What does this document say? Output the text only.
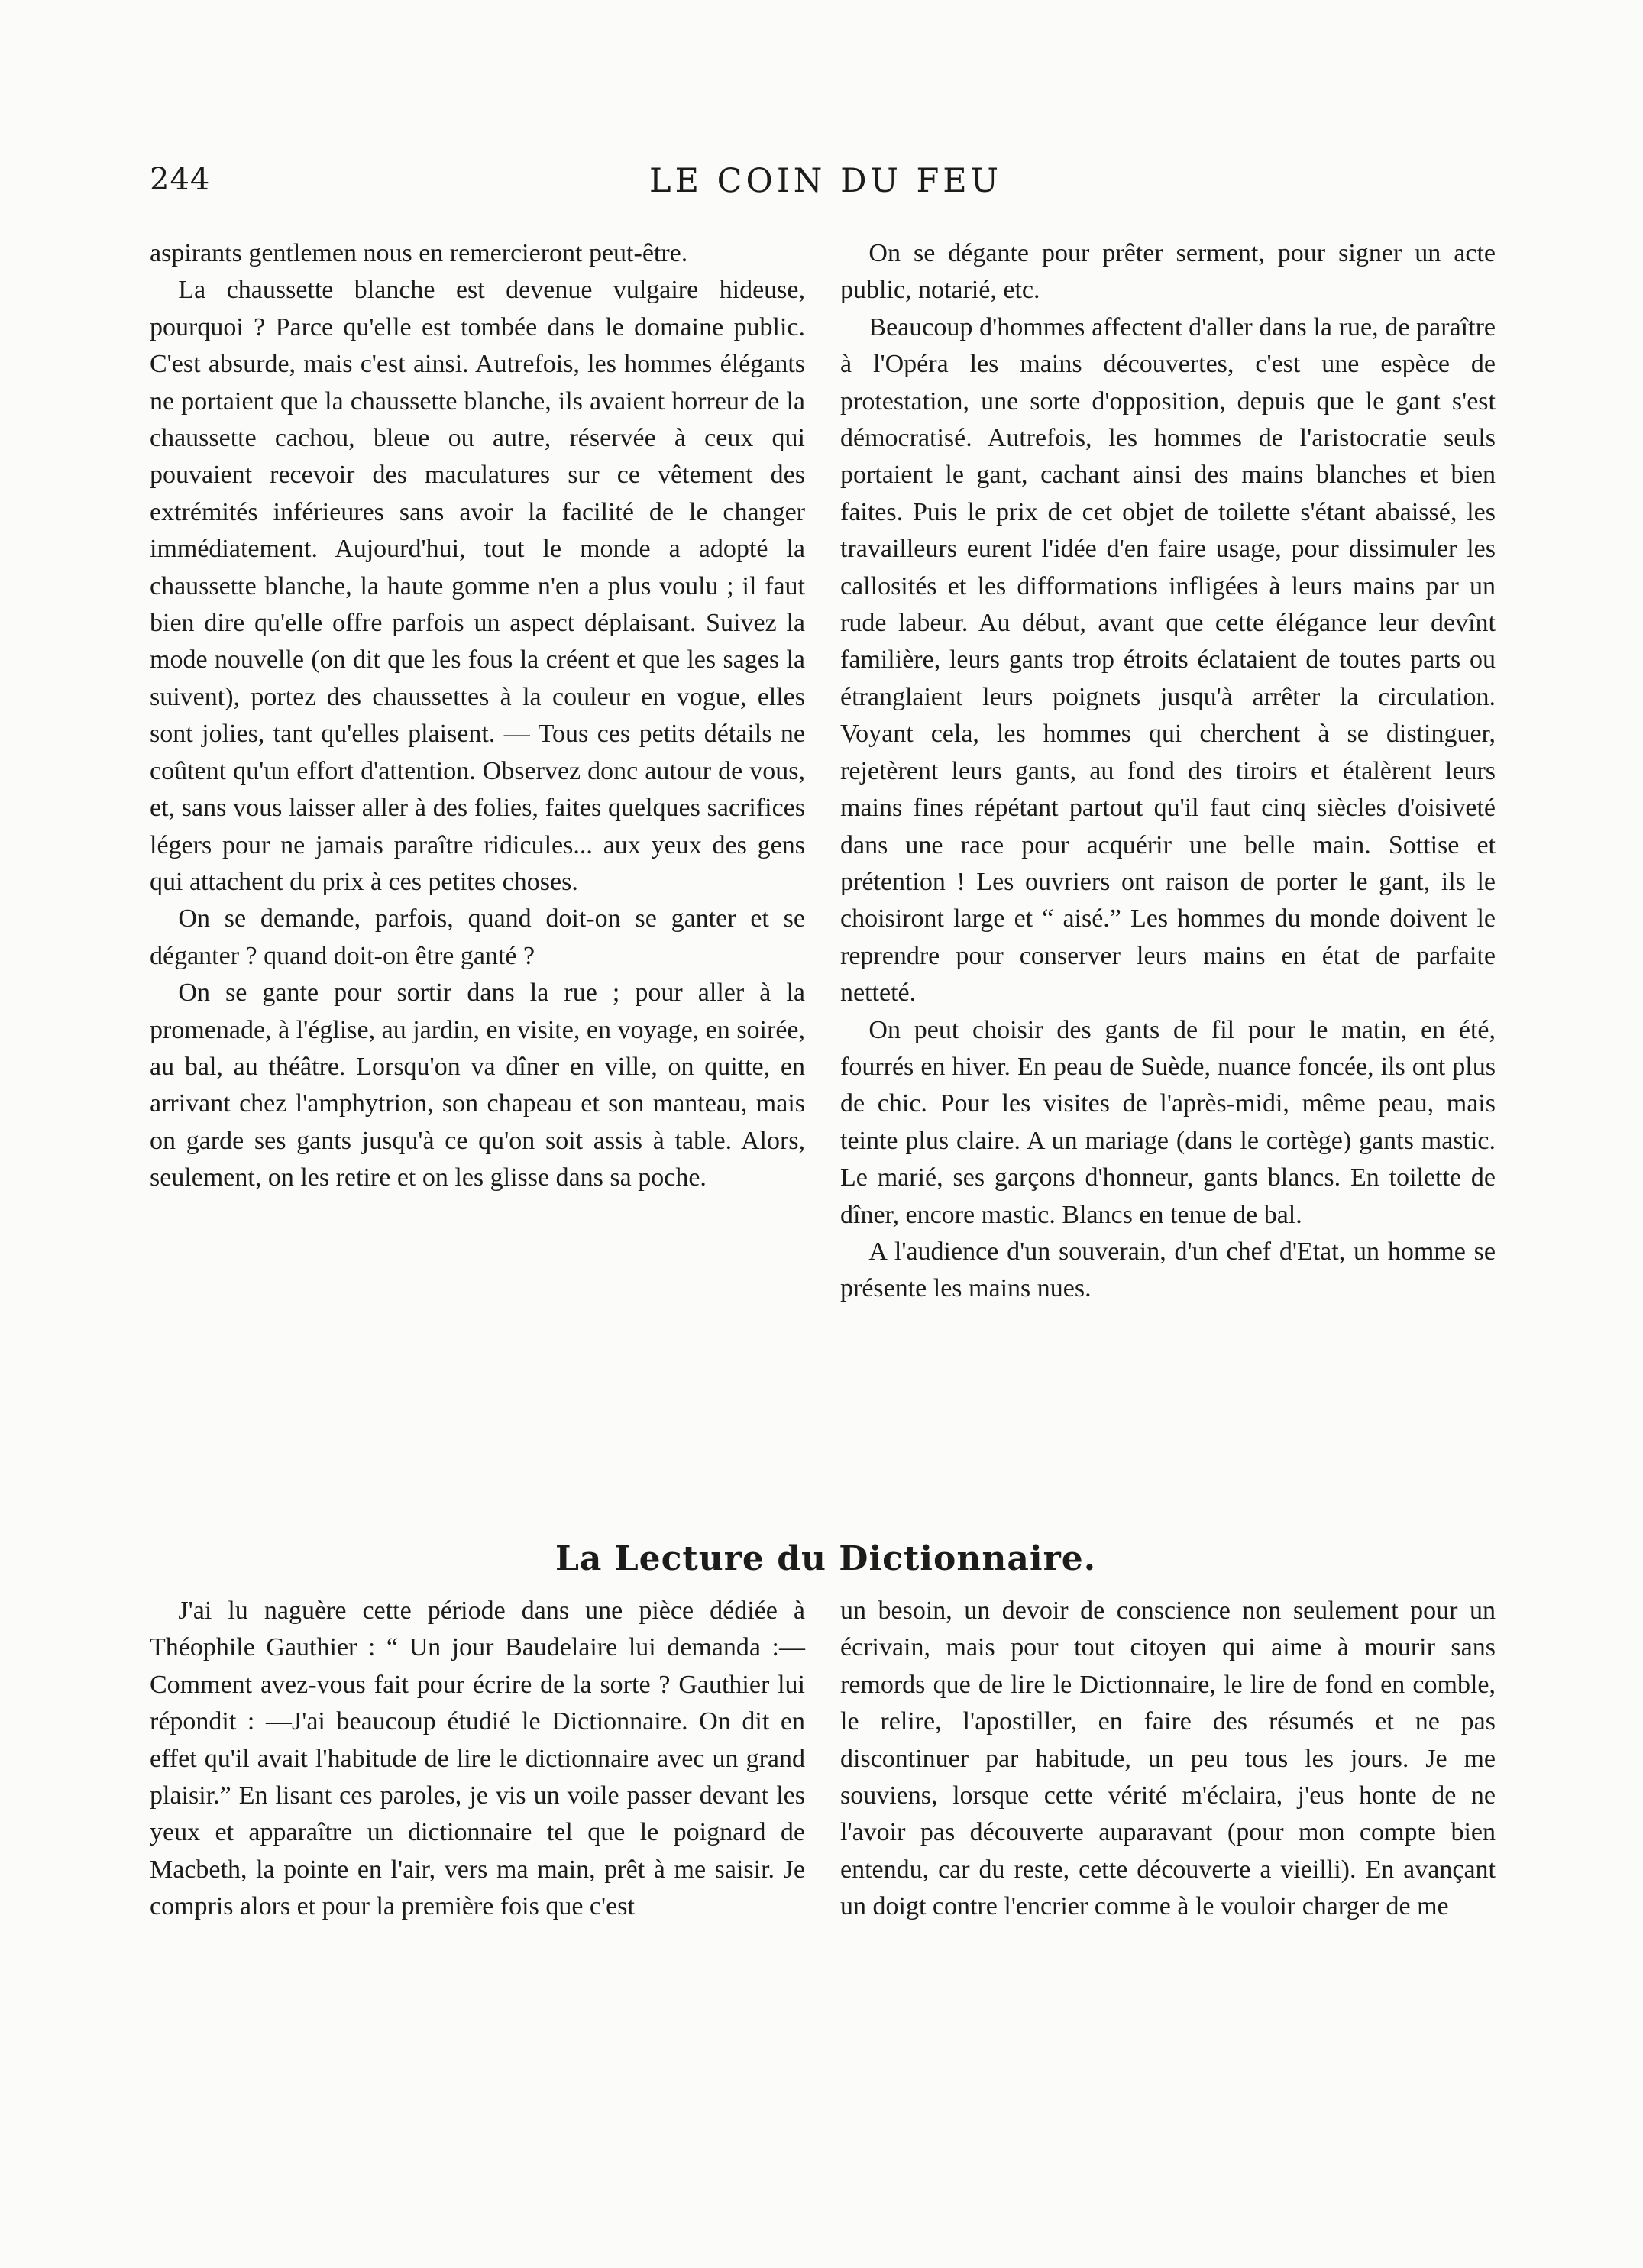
244	LE COIN DU FEU

aspirants gentlemen nous en remercieront peut-être.

La chaussette blanche est devenue vulgaire hideuse, pourquoi ? Parce qu'elle est tombée dans le domaine public. C'est absurde, mais c'est ainsi. Autrefois, les hommes élégants ne portaient que la chaussette blanche, ils avaient horreur de la chaussette cachou, bleue ou autre, réservée à ceux qui pouvaient recevoir des maculatures sur ce vêtement des extrémités inférieures sans avoir la facilité de le changer immédiatement. Aujourd'hui, tout le monde a adopté la chaussette blanche, la haute gomme n'en a plus voulu ; il faut bien dire qu'elle offre parfois un aspect déplaisant. Suivez la mode nouvelle (on dit que les fous la créent et que les sages la suivent), portez des chaussettes à la couleur en vogue, elles sont jolies, tant qu'elles plaisent. — Tous ces petits détails ne coûtent qu'un effort d'attention. Observez donc autour de vous, et, sans vous laisser aller à des folies, faites quelques sacrifices légers pour ne jamais paraître ridicules... aux yeux des gens qui attachent du prix à ces petites choses.

On se demande, parfois, quand doit-on se ganter et se déganter ? quand doit-on être ganté ?

On se gante pour sortir dans la rue ; pour aller à la promenade, à l'église, au jardin, en visite, en voyage, en soirée, au bal, au théâtre. Lorsqu'on va dîner en ville, on quitte, en arrivant chez l'amphytrion, son chapeau et son manteau, mais on garde ses gants jusqu'à ce qu'on soit assis à table. Alors, seulement, on les retire et on les glisse dans sa poche.

On se dégante pour prêter serment, pour signer un acte public, notarié, etc.

Beaucoup d'hommes affectent d'aller dans la rue, de paraître à l'Opéra les mains découvertes, c'est une espèce de protestation, une sorte d'opposition, depuis que le gant s'est démocratisé. Autrefois, les hommes de l'aristocratie seuls portaient le gant, cachant ainsi des mains blanches et bien faites. Puis le prix de cet objet de toilette s'étant abaissé, les travailleurs eurent l'idée d'en faire usage, pour dissimuler les callosités et les difformations infligées à leurs mains par un rude labeur. Au début, avant que cette élégance leur devînt familière, leurs gants trop étroits éclataient de toutes parts ou étranglaient leurs poignets jusqu'à arrêter la circulation. Voyant cela, les hommes qui cherchent à se distinguer, rejetèrent leurs gants, au fond des tiroirs et étalèrent leurs mains fines répétant partout qu'il faut cinq siècles d'oisiveté dans une race pour acquérir une belle main. Sottise et prétention ! Les ouvriers ont raison de porter le gant, ils le choisiront large et “ aisé.” Les hommes du monde doivent le reprendre pour conserver leurs mains en état de parfaite netteté.

On peut choisir des gants de fil pour le matin, en été, fourrés en hiver. En peau de Suède, nuance foncée, ils ont plus de chic. Pour les visites de l'après-midi, même peau, mais teinte plus claire. A un mariage (dans le cortège) gants mastic. Le marié, ses garçons d'honneur, gants blancs. En toilette de dîner, encore mastic. Blancs en tenue de bal.

A l'audience d'un souverain, d'un chef d'Etat, un homme se présente les mains nues.

La Lecture du Dictionnaire.

J'ai lu naguère cette période dans une pièce dédiée à Théophile Gauthier : “ Un jour Baudelaire lui demanda :—Comment avez-vous fait pour écrire de la sorte ? Gauthier lui répondit : —J'ai beaucoup étudié le Dictionnaire. On dit en effet qu'il avait l'habitude de lire le dictionnaire avec un grand plaisir.” En lisant ces paroles, je vis un voile passer devant les yeux et apparaître un dictionnaire tel que le poignard de Macbeth, la pointe en l'air, vers ma main, prêt à me saisir. Je compris alors et pour la première fois que c'est

un besoin, un devoir de conscience non seulement pour un écrivain, mais pour tout citoyen qui aime à mourir sans remords que de lire le Dictionnaire, le lire de fond en comble, le relire, l'apostiller, en faire des résumés et ne pas discontinuer par habitude, un peu tous les jours. Je me souviens, lorsque cette vérité m'éclaira, j'eus honte de ne l'avoir pas découverte auparavant (pour mon compte bien entendu, car du reste, cette découverte a vieilli). En avançant un doigt contre l'encrier comme à le vouloir charger de me
